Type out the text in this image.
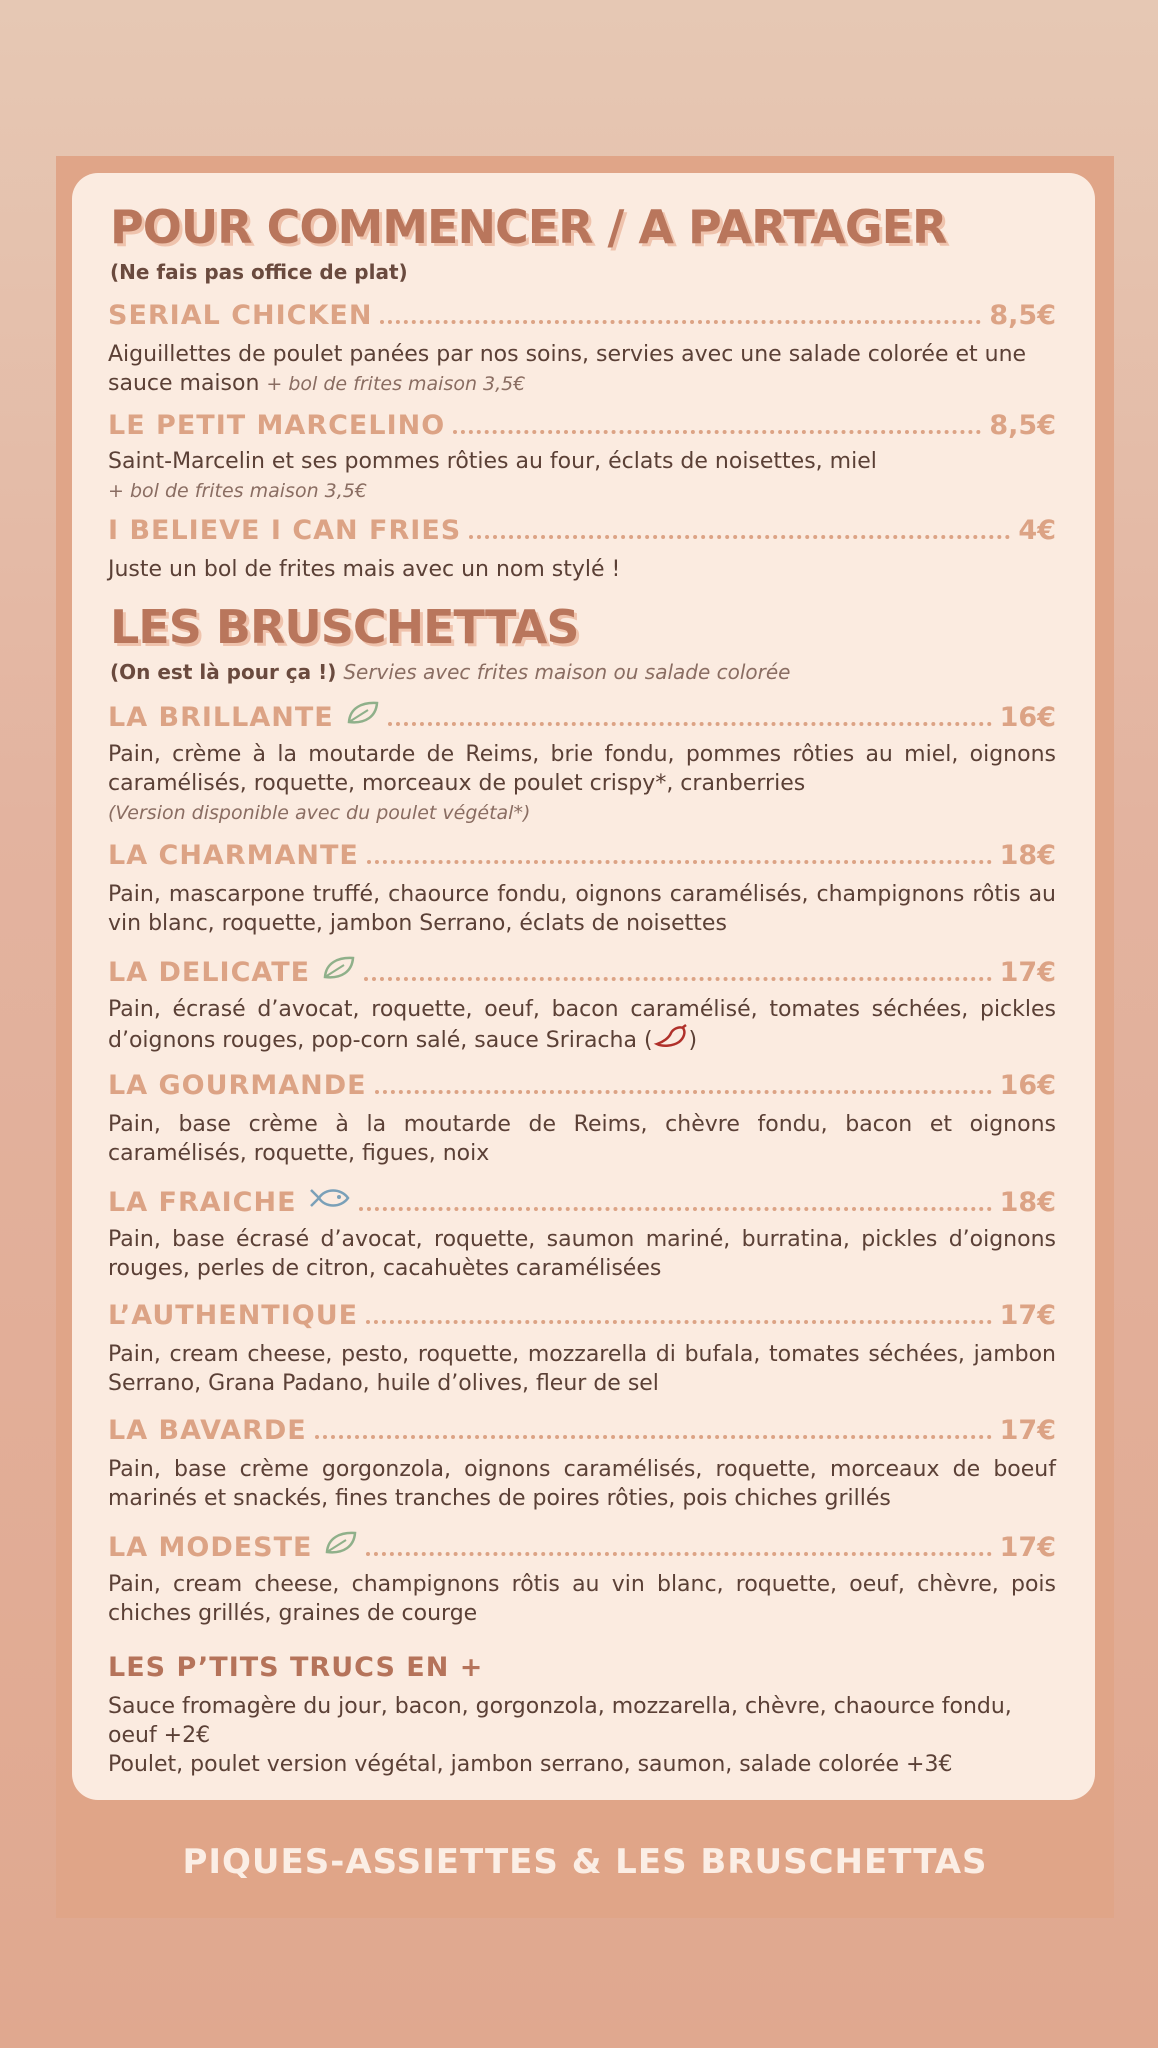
POUR COMMENCER / A PARTAGER
(Ne fais pas office de plat)
SERIAL CHICKEN	8,5€
Aiguillettes de poulet panées par nos soins, servies avec une salade colorée et une sauce maison + bol de frites maison 3,5€
LE PETIT MARCELINO	8,5€
Saint-Marcelin et ses pommes rôties au four, éclats de noisettes, miel
+ bol de frites maison 3,5€
I BELIEVE I CAN FRIES	4€
Juste un bol de frites mais avec un nom stylé !
LES BRUSCHETTAS
(On est là pour ça !) Servies avec frites maison ou salade colorée
LA BRILLANTE	16€
Pain, crème à la moutarde de Reims, brie fondu, pommes rôties au miel, oignons caramélisés, roquette, morceaux de poulet crispy*, cranberries
(Version disponible avec du poulet végétal*)
LA CHARMANTE	18€
Pain, mascarpone truffé, chaource fondu, oignons caramélisés, champignons rôtis au vin blanc, roquette, jambon Serrano, éclats de noisettes
LA DELICATE	17€
Pain, écrasé d’avocat, roquette, oeuf, bacon caramélisé, tomates séchées, pickles d’oignons rouges, pop-corn salé, sauce Sriracha ( )
LA GOURMANDE	16€
Pain, base crème à la moutarde de Reims, chèvre fondu, bacon et oignons caramélisés, roquette, figues, noix
LA FRAICHE	18€
Pain, base écrasé d’avocat, roquette, saumon mariné, burratina, pickles d’oignons rouges, perles de citron, cacahuètes caramélisées
L’AUTHENTIQUE	17€
Pain, cream cheese, pesto, roquette, mozzarella di bufala, tomates séchées, jambon Serrano, Grana Padano, huile d’olives, fleur de sel
LA BAVARDE	17€
Pain, base crème gorgonzola, oignons caramélisés, roquette, morceaux de boeuf marinés et snackés, fines tranches de poires rôties, pois chiches grillés
LA MODESTE	17€
Pain, cream cheese, champignons rôtis au vin blanc, roquette, oeuf, chèvre, pois chiches grillés, graines de courge
LES P’TITS TRUCS EN +
Sauce fromagère du jour, bacon, gorgonzola, mozzarella, chèvre, chaource fondu, oeuf +2€
Poulet, poulet version végétal, jambon serrano, saumon, salade colorée +3€
PIQUES-ASSIETTES & LES BRUSCHETTAS
